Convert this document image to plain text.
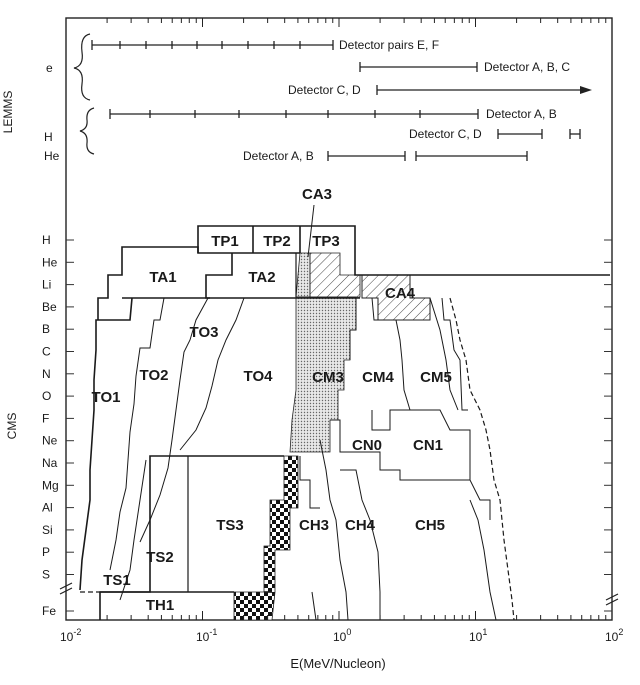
LEMMS
e
H
He
Detector pairs E, F
Detector A, B, C
Detector C, D
Detector A, B
Detector C, D
Detector A, B
CMS
H
He
Li
Be
B
C
N
O
F
Ne
Na
Mg
Al
Si
P
S
Fe
TP1 TP2 TP3
CA3
TA1	TA2
CA4
TO1
TO2
TO3
TO4	CM3 CM4 CM5
CN0 CN1
TS1
TS2
TS3	CH3 CH4	CH5
TH1
$10^{-2}$	$10^{-1}$	$10^0$	$10^1$	$10^2$
E(MeV/Nucleon)
